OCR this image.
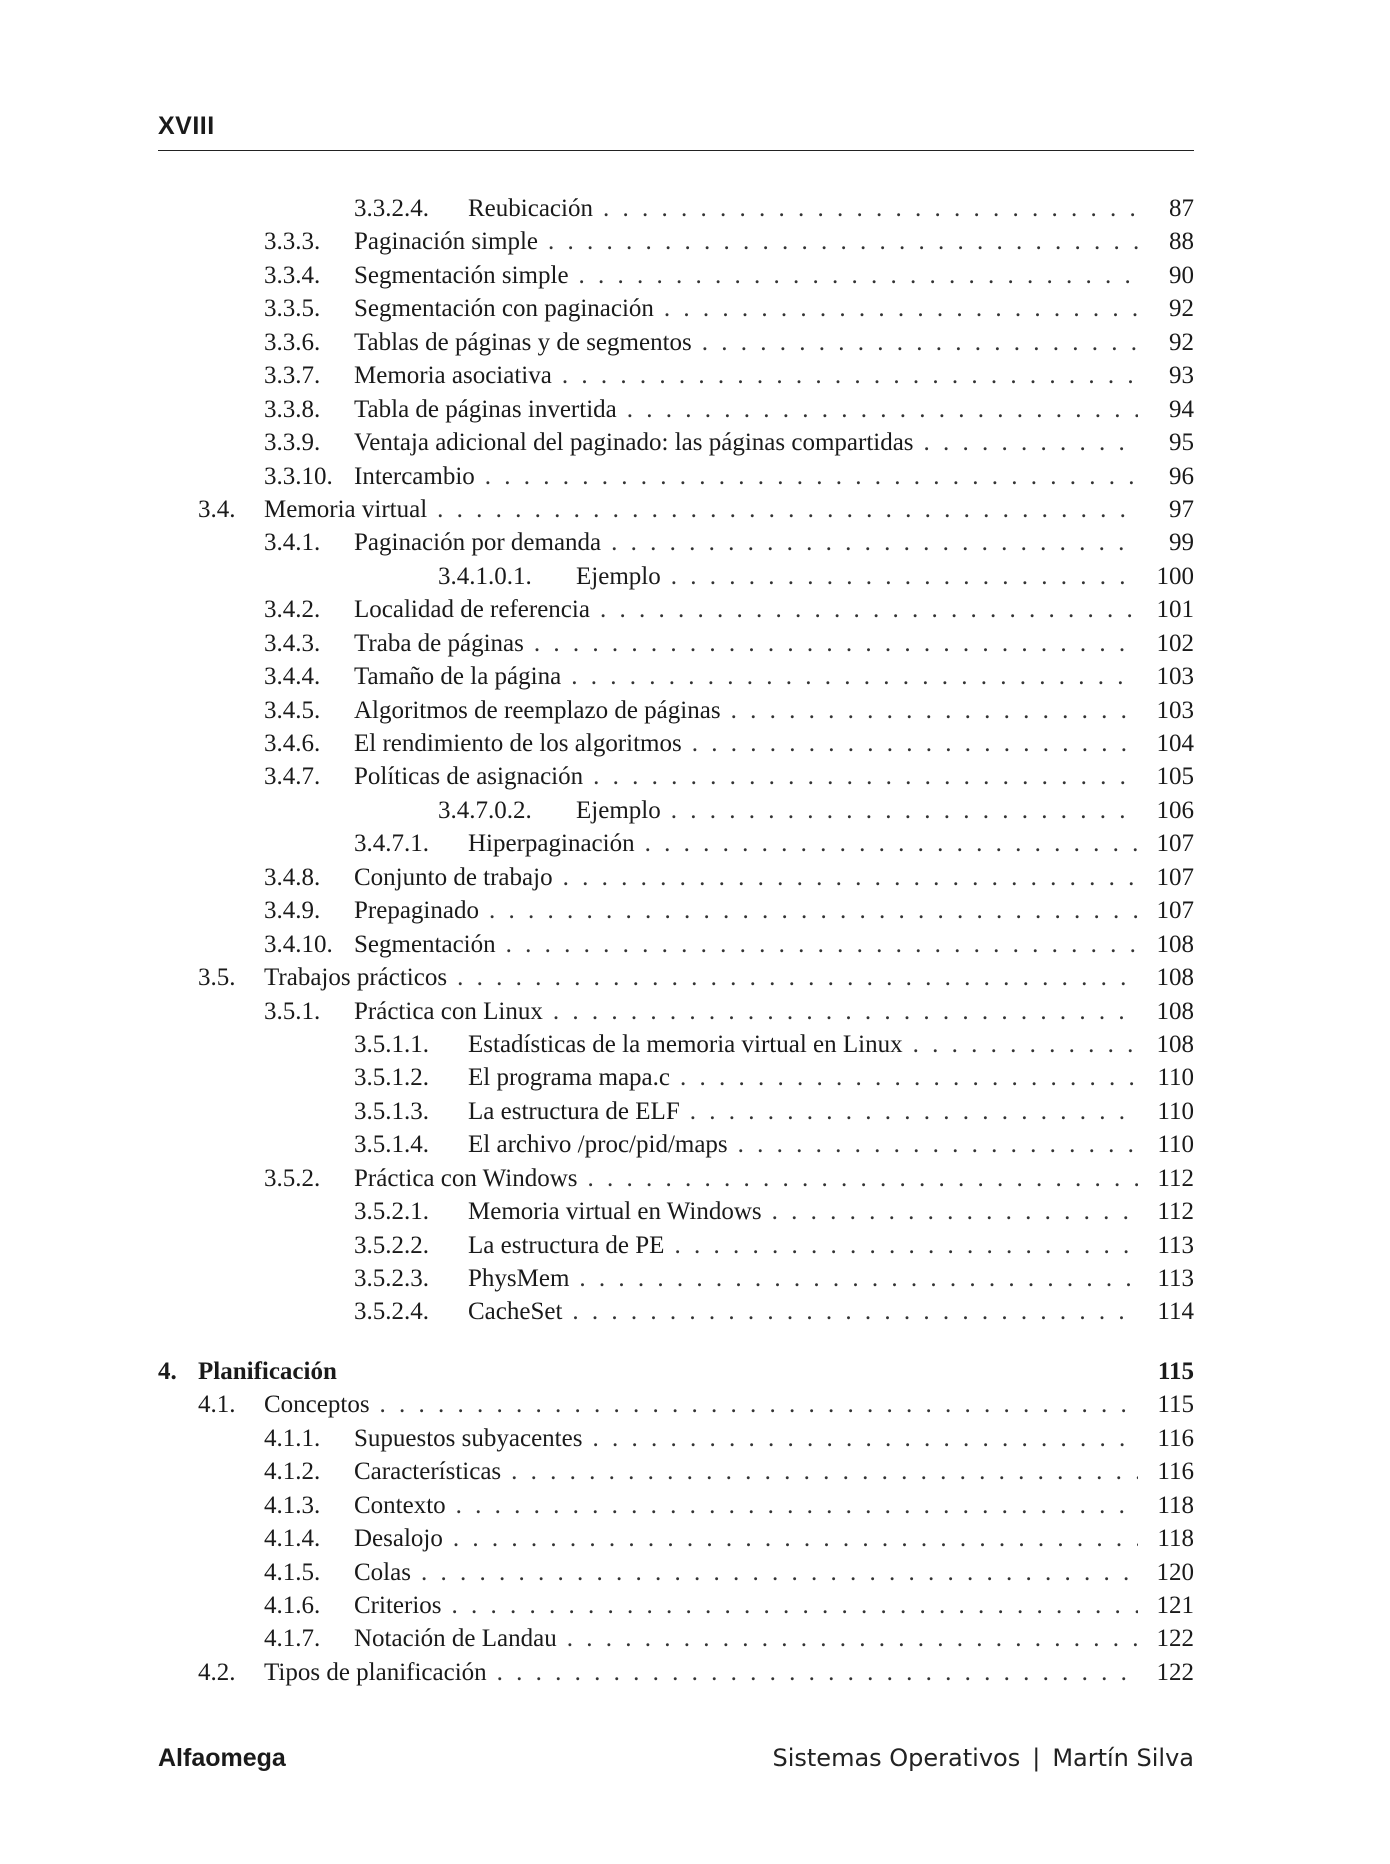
XVIII
3.3.2.4. Reubicación . . .	87
3.3.3. Paginación simple . . .	88
3.3.4. Segmentación simple . . .	90
3.3.5. Segmentación con paginación . . .	92
3.3.6. Tablas de páginas y de segmentos . . .	92
3.3.7. Memoria asociativa . . .	93
3.3.8. Tabla de páginas invertida . . .	94
3.3.9. Ventaja adicional del paginado: las páginas compartidas . . .	95
3.3.10. Intercambio . . .	96
3.4. Memoria virtual . . .	97
3.4.1. Paginación por demanda . . .	99
3.4.1.0.1. Ejemplo . . .	100
3.4.2. Localidad de referencia . . .	101
3.4.3. Traba de páginas . . .	102
3.4.4. Tamaño de la página . . .	103
3.4.5. Algoritmos de reemplazo de páginas . . .	103
3.4.6. El rendimiento de los algoritmos . . .	104
3.4.7. Políticas de asignación . . .	105
3.4.7.0.2. Ejemplo . . .	106
3.4.7.1. Hiperpaginación . . .	107
3.4.8. Conjunto de trabajo . . .	107
3.4.9. Prepaginado . . .	107
3.4.10. Segmentación . . .	108
3.5. Trabajos prácticos . . .	108
3.5.1. Práctica con Linux . . .	108
3.5.1.1. Estadísticas de la memoria virtual en Linux . . .	108
3.5.1.2. El programa mapa.c . . .	110
3.5.1.3. La estructura de ELF . . .	110
3.5.1.4. El archivo /proc/pid/maps . . .	110
3.5.2. Práctica con Windows . . .	112
3.5.2.1. Memoria virtual en Windows . . .	112
3.5.2.2. La estructura de PE . . .	113
3.5.2.3. PhysMem . . .	113
3.5.2.4. CacheSet . . .	114
4. Planificación	115
4.1. Conceptos . . .	115
4.1.1. Supuestos subyacentes . . .	116
4.1.2. Características . . .	116
4.1.3. Contexto . . .	118
4.1.4. Desalojo . . .	118
4.1.5. Colas . . .	120
4.1.6. Criterios . . .	121
4.1.7. Notación de Landau . . .	122
4.2. Tipos de planificación . . .	122
Alfaomega	Sistemas Operativos | Martín Silva
